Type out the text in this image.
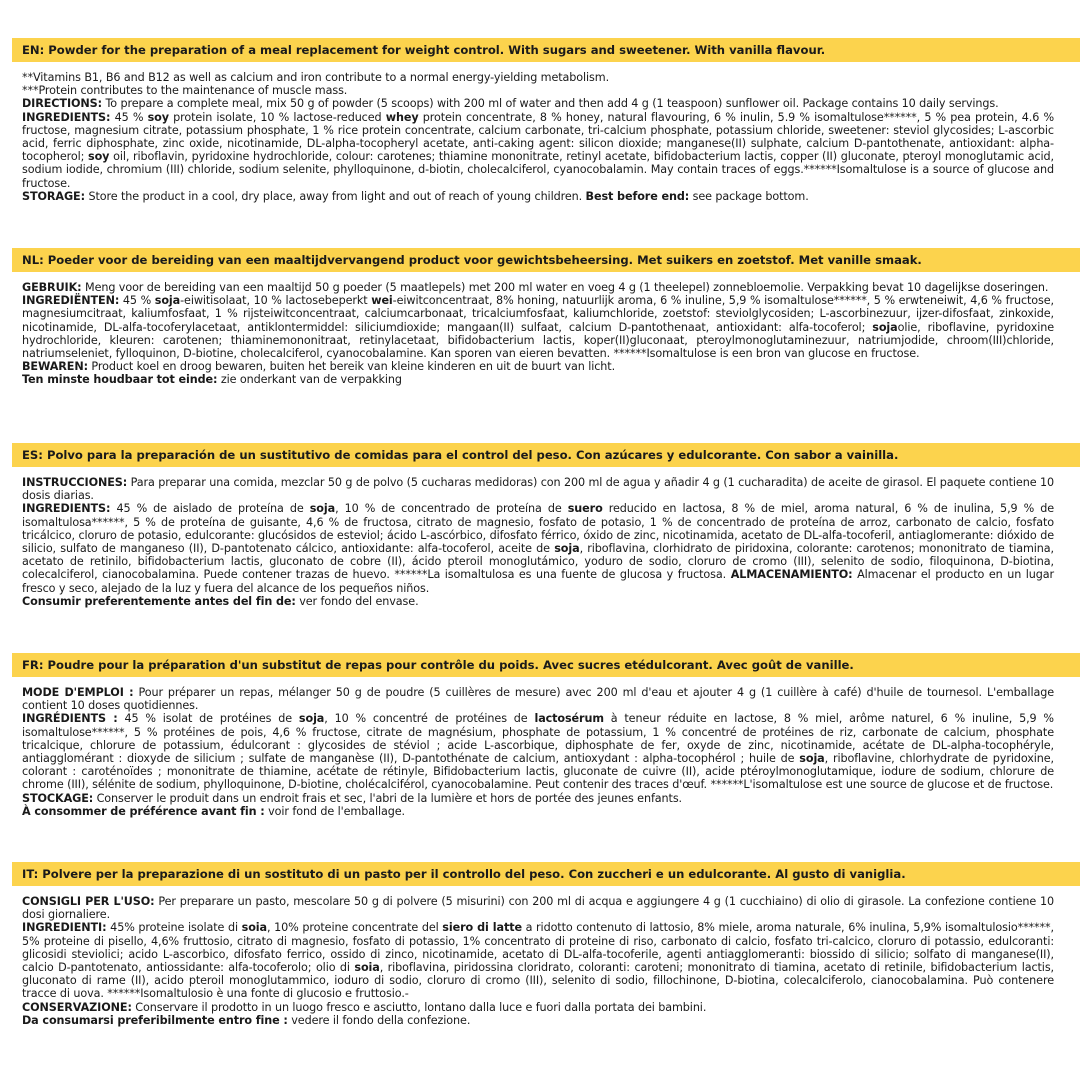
EN: Powder for the preparation of a meal replacement for weight control. With sugars and sweetener. With vanilla flavour.

**Vitamins B1, B6 and B12 as well as calcium and iron contribute to a normal energy-yielding metabolism.

***Protein contributes to the maintenance of muscle mass.

DIRECTIONS: To prepare a complete meal, mix 50 g of powder (5 scoops) with 200 ml of water and then add 4 g (1 teaspoon) sunflower oil. Package contains 10 daily servings.

INGREDIENTS: 45 % soy protein isolate, 10 % lactose-reduced whey protein concentrate, 8 % honey, natural flavouring, 6 % inulin, 5.9 % isomaltulose******, 5 % pea protein, 4.6 % fructose, magnesium citrate, potassium phosphate, 1 % rice protein concentrate, calcium carbonate, tri-calcium phosphate, potassium chloride, sweetener: steviol glycosides; L-ascorbic acid, ferric diphosphate, zinc oxide, nicotinamide, DL-alpha-tocopheryl acetate, anti-caking agent: silicon dioxide; manganese(II) sulphate, calcium D-pantothenate, antioxidant: alpha-tocopherol; soy oil, riboflavin, pyridoxine hydrochloride, colour: carotenes; thiamine mononitrate, retinyl acetate, bifidobacterium lactis, copper (II) gluconate, pteroyl monoglutamic acid, sodium iodide, chromium (III) chloride, sodium selenite, phylloquinone, d-biotin, cholecalciferol, cyanocobalamin. May contain traces of eggs.******Isomaltulose is a source of glucose and fructose.

STORAGE: Store the product in a cool, dry place, away from light and out of reach of young children. Best before end: see package bottom.

NL: Poeder voor de bereiding van een maaltijdvervangend product voor gewichtsbeheersing. Met suikers en zoetstof. Met vanille smaak.

GEBRUIK: Meng voor de bereiding van een maaltijd 50 g poeder (5 maatlepels) met 200 ml water en voeg 4 g (1 theelepel) zonnebloemolie. Verpakking bevat 10 dagelijkse doseringen.

INGREDIËNTEN: 45 % soja-eiwitisolaat, 10 % lactosebeperkt wei-eiwitconcentraat, 8% honing, natuurlijk aroma, 6 % inuline, 5,9 % isomaltulose******, 5 % erwteneiwit, 4,6 % fructose, magnesiumcitraat, kaliumfosfaat, 1 % rijsteiwitconcentraat, calciumcarbonaat, tricalciumfosfaat, kaliumchloride, zoetstof: steviolglycosiden; L-ascorbinezuur, ijzer-difosfaat, zinkoxide, nicotinamide, DL-alfa-tocoferylacetaat, antiklontermiddel: siliciumdioxide; mangaan(II) sulfaat, calcium D-pantothenaat, antioxidant: alfa-tocoferol; sojaolie, riboflavine, pyridoxine hydrochloride, kleuren: carotenen; thiaminemononitraat, retinylacetaat, bifidobacterium lactis, koper(II)gluconaat, pteroylmonoglutaminezuur, natriumjodide, chroom(III)chloride, natriumseleniet, fylloquinon, D-biotine, cholecalciferol, cyanocobalamine. Kan sporen van eieren bevatten. ******Isomaltulose is een bron van glucose en fructose.

BEWAREN: Product koel en droog bewaren, buiten het bereik van kleine kinderen en uit de buurt van licht.

Ten minste houdbaar tot einde: zie onderkant van de verpakking

ES: Polvo para la preparación de un sustitutivo de comidas para el control del peso. Con azúcares y edulcorante. Con sabor a vainilla.

INSTRUCCIONES: Para preparar una comida, mezclar 50 g de polvo (5 cucharas medidoras) con 200 ml de agua y añadir 4 g (1 cucharadita) de aceite de girasol. El paquete contiene 10 dosis diarias.

INGREDIENTS: 45 % de aislado de proteína de soja, 10 % de concentrado de proteína de suero reducido en lactosa, 8 % de miel, aroma natural, 6 % de inulina, 5,9 % de isomaltulosa******, 5 % de proteína de guisante, 4,6 % de fructosa, citrato de magnesio, fosfato de potasio, 1 % de concentrado de proteína de arroz, carbonato de calcio, fosfato tricálcico, cloruro de potasio, edulcorante: glucósidos de esteviol; ácido L-ascórbico, difosfato férrico, óxido de zinc, nicotinamida, acetato de DL-alfa-tocoferil, antiaglomerante: dióxido de silicio, sulfato de manganeso (II), D-pantotenato cálcico, antioxidante: alfa-tocoferol, aceite de soja, riboflavina, clorhidrato de piridoxina, colorante: carotenos; mononitrato de tiamina, acetato de retinilo, bifidobacterium lactis, gluconato de cobre (II), ácido pteroil monoglutámico, yoduro de sodio, cloruro de cromo (III), selenito de sodio, filoquinona, D-biotina, colecalciferol, cianocobalamina. Puede contener trazas de huevo. ******La isomaltulosa es una fuente de glucosa y fructosa. ALMACENAMIENTO: Almacenar el producto en un lugar fresco y seco, alejado de la luz y fuera del alcance de los pequeños niños.

Consumir preferentemente antes del fin de: ver fondo del envase.

FR: Poudre pour la préparation d'un substitut de repas pour contrôle du poids. Avec sucres etédulcorant. Avec goût de vanille.

MODE D'EMPLOI : Pour préparer un repas, mélanger 50 g de poudre (5 cuillères de mesure) avec 200 ml d'eau et ajouter 4 g (1 cuillère à café) d'huile de tournesol. L'emballage contient 10 doses quotidiennes.

INGRÉDIENTS : 45 % isolat de protéines de soja, 10 % concentré de protéines de lactosérum à teneur réduite en lactose, 8 % miel, arôme naturel, 6 % inuline, 5,9 % isomaltulose******, 5 % protéines de pois, 4,6 % fructose, citrate de magnésium, phosphate de potassium, 1 % concentré de protéines de riz, carbonate de calcium, phosphate tricalcique, chlorure de potassium, édulcorant : glycosides de stéviol ; acide L-ascorbique, diphosphate de fer, oxyde de zinc, nicotinamide, acétate de DL-alpha-tocophéryle, antiagglomérant : dioxyde de silicium ; sulfate de manganèse (II), D-pantothénate de calcium, antioxydant : alpha-tocophérol ; huile de soja, riboflavine, chlorhydrate de pyridoxine, colorant : caroténoïdes ; mononitrate de thiamine, acétate de rétinyle, Bifidobacterium lactis, gluconate de cuivre (II), acide ptéroylmonoglutamique, iodure de sodium, chlorure de chrome (III), sélénite de sodium, phylloquinone, D-biotine, cholécalciférol, cyanocobalamine. Peut contenir des traces d'œuf. ******L'isomaltulose est une source de glucose et de fructose.

STOCKAGE: Conserver le produit dans un endroit frais et sec, l'abri de la lumière et hors de portée des jeunes enfants.

À consommer de préférence avant fin : voir fond de l'emballage.

IT: Polvere per la preparazione di un sostituto di un pasto per il controllo del peso. Con zuccheri e un edulcorante. Al gusto di vaniglia.

CONSIGLI PER L'USO: Per preparare un pasto, mescolare 50 g di polvere (5 misurini) con 200 ml di acqua e aggiungere 4 g (1 cucchiaino) di olio di girasole. La confezione contiene 10 dosi giornaliere.

INGREDIENTI: 45% proteine isolate di soia, 10% proteine concentrate del siero di latte a ridotto contenuto di lattosio, 8% miele, aroma naturale, 6% inulina, 5,9% isomaltulosio******, 5% proteine di pisello, 4,6% fruttosio, citrato di magnesio, fosfato di potassio, 1% concentrato di proteine di riso, carbonato di calcio, fosfato tri-calcico, cloruro di potassio, edulcoranti: glicosidi steviolici; acido L-ascorbico, difosfato ferrico, ossido di zinco, nicotinamide, acetato di DL-alfa-tocoferile, agenti antiagglomeranti: biossido di silicio; solfato di manganese(II), calcio D-pantotenato, antiossidante: alfa-tocoferolo; olio di soia, riboflavina, piridossina cloridrato, coloranti: caroteni; mononitrato di tiamina, acetato di retinile, bifidobacterium lactis, gluconato di rame (II), acido pteroil monoglutammico, ioduro di sodio, cloruro di cromo (III), selenito di sodio, fillochinone, D-biotina, colecalciferolo, cianocobalamina. Può contenere tracce di uova. ******Isomaltulosio è una fonte di glucosio e fruttosio.-

CONSERVAZIONE: Conservare il prodotto in un luogo fresco e asciutto, lontano dalla luce e fuori dalla portata dei bambini.

Da consumarsi preferibilmente entro fine : vedere il fondo della confezione.
